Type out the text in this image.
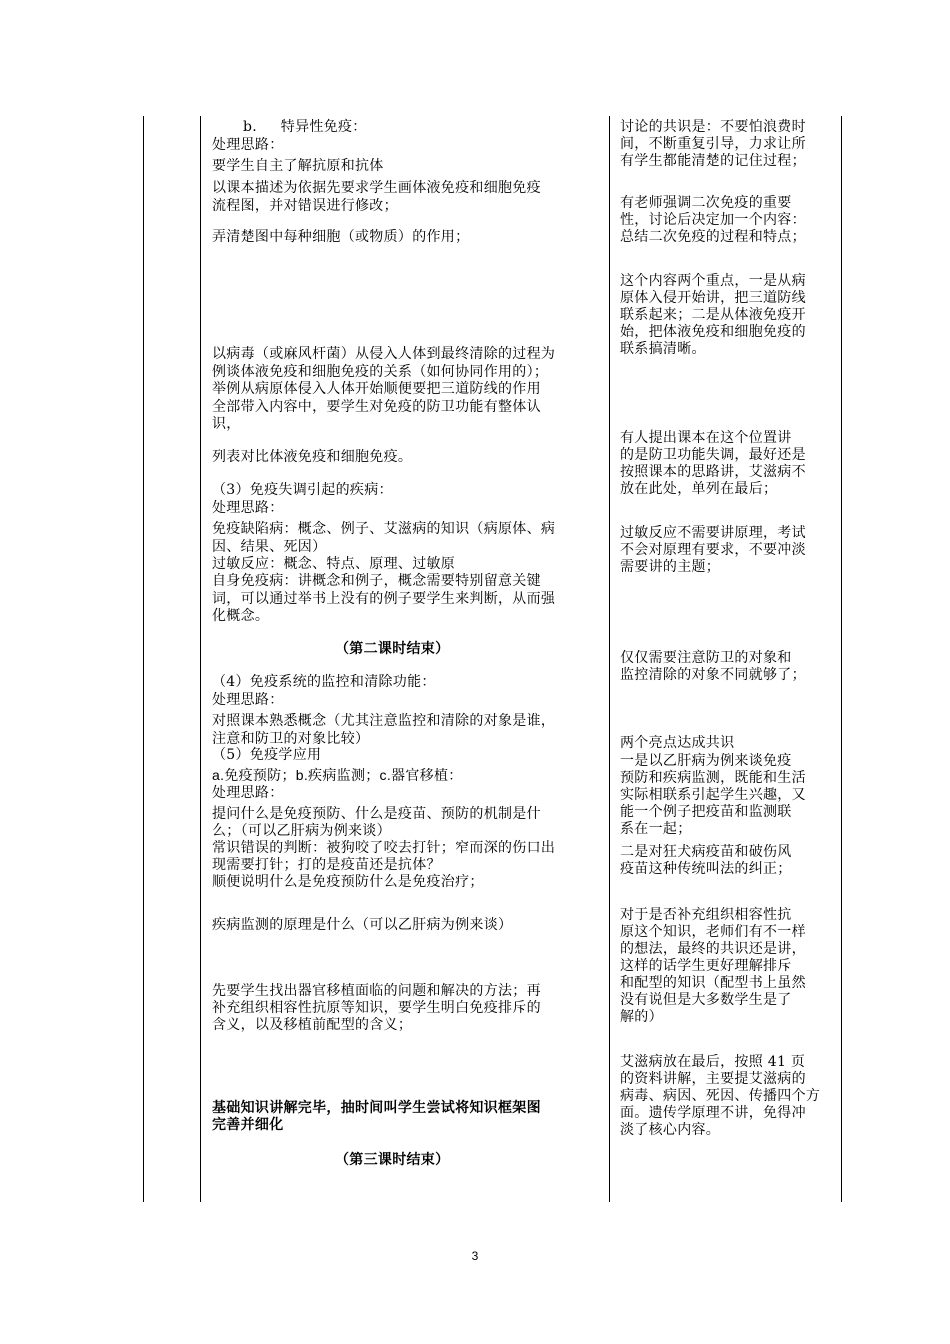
b.     特异性免疫：
处理思路：
要学生自主了解抗原和抗体
以课本描述为依据先要求学生画体液免疫和细胞免疫
流程图，并对错误进行修改；
弄清楚图中每种细胞（或物质）的作用；
以病毒（或麻风杆菌）从侵入人体到最终清除的过程为
例谈体液免疫和细胞免疫的关系（如何协同作用的）；
举例从病原体侵入人体开始顺便要把三道防线的作用
全部带入内容中，要学生对免疫的防卫功能有整体认
识，
列表对比体液免疫和细胞免疫。
（3）免疫失调引起的疾病：
处理思路：
免疫缺陷病：概念、例子、艾滋病的知识（病原体、病
因、结果、死因）
过敏反应：概念、特点、原理、过敏原
自身免疫病：讲概念和例子，概念需要特别留意关键
词，可以通过举书上没有的例子要学生来判断，从而强
化概念。
（第二课时结束）
（4）免疫系统的监控和清除功能：
处理思路：
对照课本熟悉概念（尤其注意监控和清除的对象是谁，
注意和防卫的对象比较）
（5）免疫学应用
a.免疫预防；b.疾病监测；c.器官移植：
处理思路：
提问什么是免疫预防、什么是疫苗、预防的机制是什
么；（可以乙肝病为例来谈）
常识错误的判断：被狗咬了咬去打针；窄而深的伤口出
现需要打针；打的是疫苗还是抗体？
顺便说明什么是免疫预防什么是免疫治疗；
疾病监测的原理是什么（可以乙肝病为例来谈）
先要学生找出器官移植面临的问题和解决的方法；再
补充组织相容性抗原等知识，要学生明白免疫排斥的
含义，以及移植前配型的含义；
基础知识讲解完毕，抽时间叫学生尝试将知识框架图
完善并细化
（第三课时结束）
讨论的共识是：不要怕浪费时
间，不断重复引导，力求让所
有学生都能清楚的记住过程；
有老师强调二次免疫的重要
性，讨论后决定加一个内容：
总结二次免疫的过程和特点；
这个内容两个重点，一是从病
原体入侵开始讲，把三道防线
联系起来；二是从体液免疫开
始，把体液免疫和细胞免疫的
联系搞清晰。
有人提出课本在这个位置讲
的是防卫功能失调，最好还是
按照课本的思路讲，艾滋病不
放在此处，单列在最后；
过敏反应不需要讲原理，考试
不会对原理有要求，不要冲淡
需要讲的主题；
仅仅需要注意防卫的对象和
监控清除的对象不同就够了；
两个亮点达成共识
一是以乙肝病为例来谈免疫
预防和疾病监测，既能和生活
实际相联系引起学生兴趣，又
能一个例子把疫苗和监测联
系在一起；
二是对狂犬病疫苗和破伤风
疫苗这种传统叫法的纠正；
对于是否补充组织相容性抗
原这个知识，老师们有不一样
的想法，最终的共识还是讲，
这样的话学生更好理解排斥
和配型的知识（配型书上虽然
没有说但是大多数学生是了
解的）
艾滋病放在最后，按照 41 页
的资料讲解，主要提艾滋病的
病毒、病因、死因、传播四个方
面。遗传学原理不讲，免得冲
淡了核心内容。
3
